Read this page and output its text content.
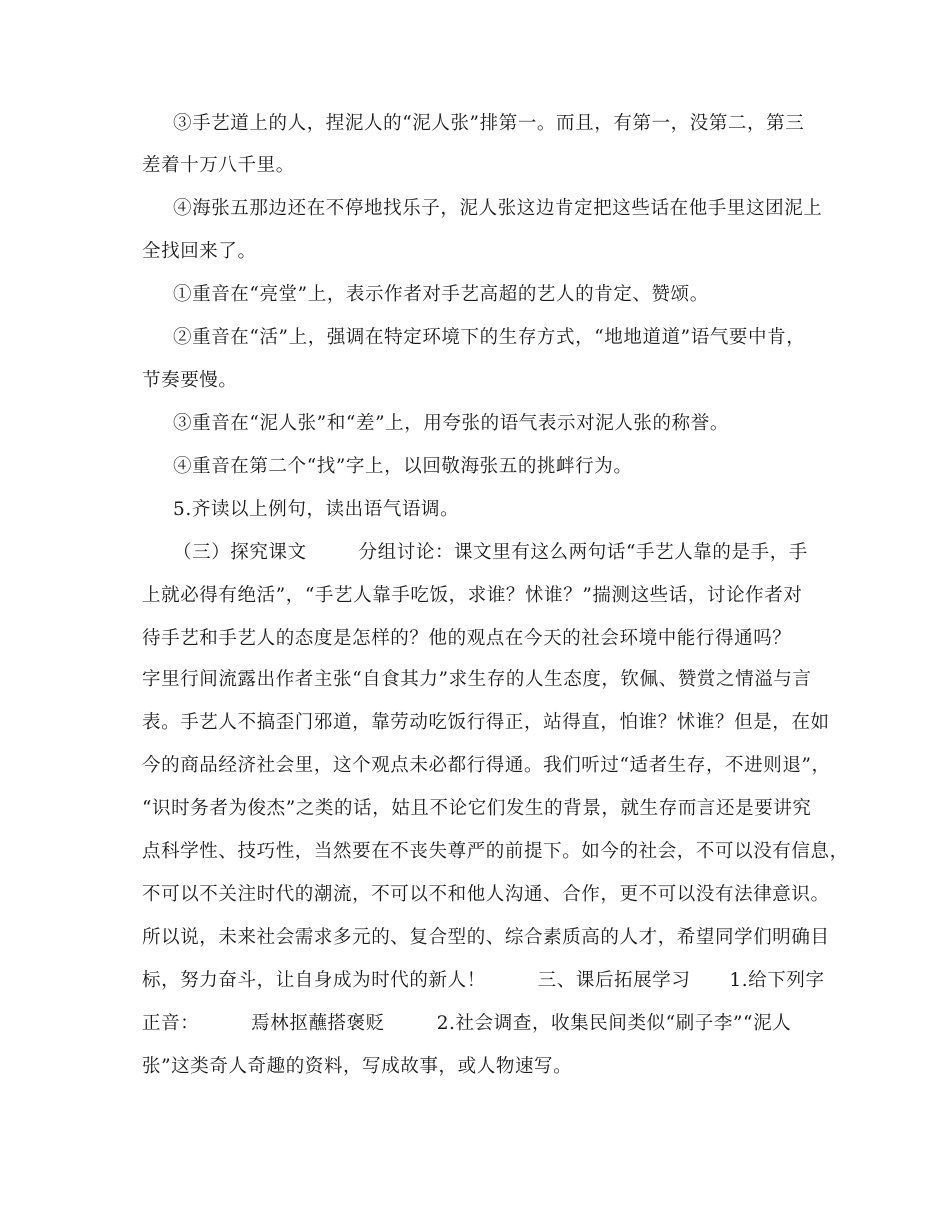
③手艺道上的人，捏泥人的“泥人张”排第一。而且，有第一，没第二，第三
差着十万八千里。
④海张五那边还在不停地找乐子，泥人张这边肯定把这些话在他手里这团泥上
全找回来了。
①重音在“亮堂”上，表示作者对手艺高超的艺人的肯定、赞颂。
②重音在“活”上，强调在特定环境下的生存方式，“地地道道”语气要中肯，
节奏要慢。
③重音在“泥人张”和“差”上，用夸张的语气表示对泥人张的称誉。
④重音在第二个“找”字上，以回敬海张五的挑衅行为。
5.齐读以上例句，读出语气语调。
（三）探究课文        分组讨论：课文里有这么两句话“手艺人靠的是手，手
上就必得有绝活”，“手艺人靠手吃饭，求谁？怵谁？”揣测这些话，讨论作者对
待手艺和手艺人的态度是怎样的？他的观点在今天的社会环境中能行得通吗？
字里行间流露出作者主张“自食其力”求生存的人生态度，钦佩、赞赏之情溢与言
表。手艺人不搞歪门邪道，靠劳动吃饭行得正，站得直，怕谁？怵谁？但是，在如
今的商品经济社会里，这个观点未必都行得通。我们听过“适者生存，不进则退”，
“识时务者为俊杰”之类的话，姑且不论它们发生的背景，就生存而言还是要讲究
点科学性、技巧性，当然要在不丧失尊严的前提下。如今的社会，不可以没有信息，
不可以不关注时代的潮流，不可以不和他人沟通、合作，更不可以没有法律意识。
所以说，未来社会需求多元的、复合型的、综合素质高的人才，希望同学们明确目
标，努力奋斗，让自身成为时代的新人！        三、课后拓展学习      1.给下列字
正音：        焉林抠蘸搭褒贬        2.社会调查，收集民间类似“刷子李”“泥人
张”这类奇人奇趣的资料，写成故事，或人物速写。
